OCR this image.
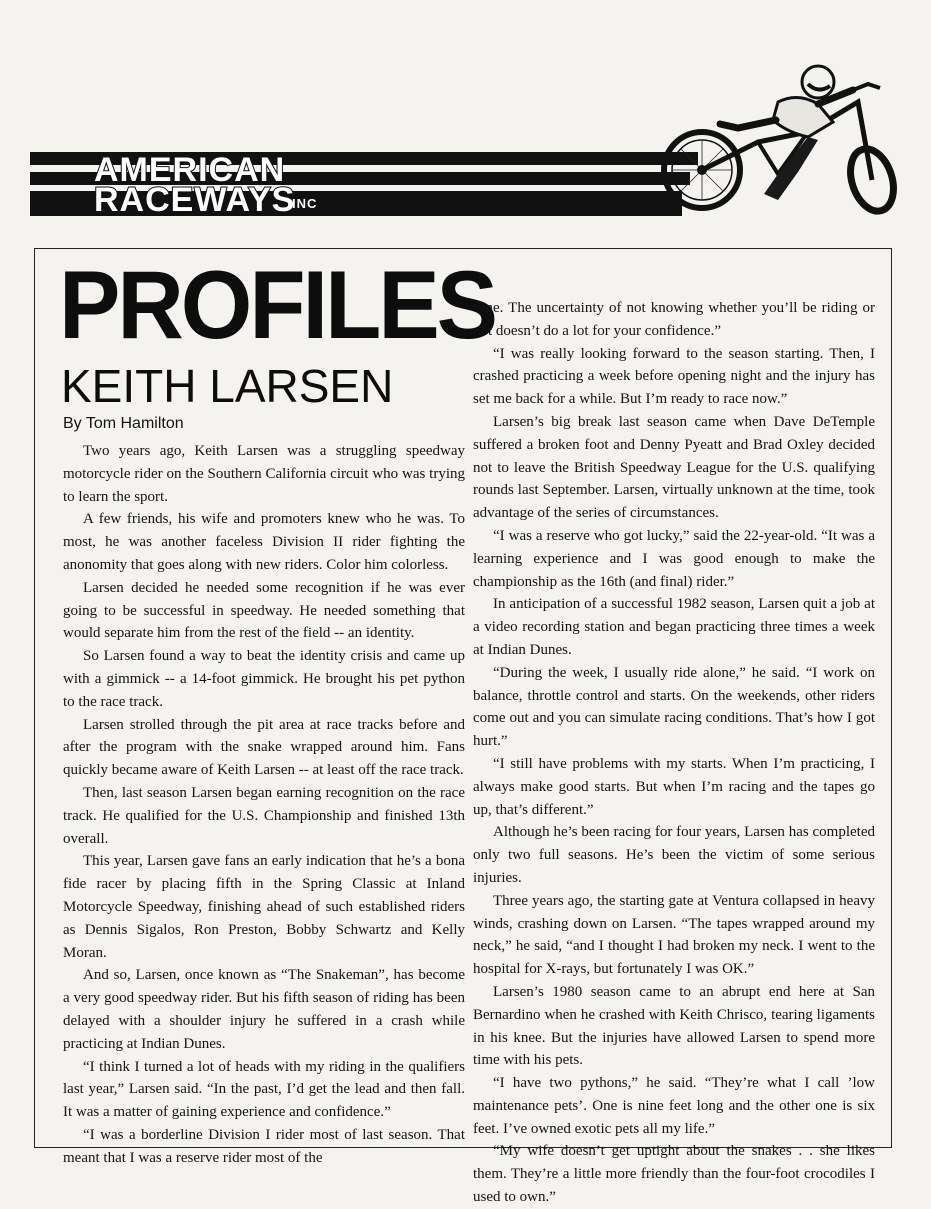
AMERICAN
RACEWAYS
INC
PROFILES
KEITH LARSEN

By Tom Hamilton

Two years ago, Keith Larsen was a struggling speedway motorcycle rider on the Southern California circuit who was trying to learn the sport.

A few friends, his wife and promoters knew who he was. To most, he was another faceless Division II rider fighting the anonomity that goes along with new riders. Color him colorless.

Larsen decided he needed some recognition if he was ever going to be successful in speedway. He needed something that would separate him from the rest of the field -- an identity.

So Larsen found a way to beat the identity crisis and came up with a gimmick -- a 14-foot gimmick. He brought his pet python to the race track.

Larsen strolled through the pit area at race tracks before and after the program with the snake wrapped around him. Fans quickly became aware of Keith Larsen -- at least off the race track.

Then, last season Larsen began earning recognition on the race track. He qualified for the U.S. Championship and finished 13th overall.

This year, Larsen gave fans an early indication that he’s a bona fide racer by placing fifth in the Spring Classic at Inland Motorcycle Speedway, finishing ahead of such established riders as Dennis Sigalos, Ron Preston, Bobby Schwartz and Kelly Moran.

And so, Larsen, once known as “The Snakeman”, has become a very good speedway rider. But his fifth season of riding has been delayed with a shoulder injury he suffered in a crash while practicing at Indian Dunes.

“I think I turned a lot of heads with my riding in the qualifiers last year,” Larsen said. “In the past, I’d get the lead and then fall. It was a matter of gaining experience and confidence.”

“I was a borderline Division I rider most of last season. That meant that I was a reserve rider most of the

time. The uncertainty of not knowing whether you’ll be riding or not doesn’t do a lot for your confidence.”

“I was really looking forward to the season starting. Then, I crashed practicing a week before opening night and the injury has set me back for a while. But I’m ready to race now.”

Larsen’s big break last season came when Dave DeTemple suffered a broken foot and Denny Pyeatt and Brad Oxley decided not to leave the British Speedway League for the U.S. qualifying rounds last September. Larsen, virtually unknown at the time, took advantage of the series of circumstances.

“I was a reserve who got lucky,” said the 22-year-old. “It was a learning experience and I was good enough to make the championship as the 16th (and final) rider.”

In anticipation of a successful 1982 season, Larsen quit a job at a video recording station and began practicing three times a week at Indian Dunes.

“During the week, I usually ride alone,” he said. “I work on balance, throttle control and starts. On the weekends, other riders come out and you can simulate racing conditions. That’s how I got hurt.”

“I still have problems with my starts. When I’m practicing, I always make good starts. But when I’m racing and the tapes go up, that’s different.”

Although he’s been racing for four years, Larsen has completed only two full seasons. He’s been the victim of some serious injuries.

Three years ago, the starting gate at Ventura collapsed in heavy winds, crashing down on Larsen. “The tapes wrapped around my neck,” he said, “and I thought I had broken my neck. I went to the hospital for X-rays, but fortunately I was OK.”

Larsen’s 1980 season came to an abrupt end here at San Bernardino when he crashed with Keith Chrisco, tearing ligaments in his knee. But the injuries have allowed Larsen to spend more time with his pets.

“I have two pythons,” he said. “They’re what I call ’low maintenance pets’. One is nine feet long and the other one is six feet. I’ve owned exotic pets all my life.”

“My wife doesn’t get uptight about the snakes . . she likes them. They’re a little more friendly than the four-foot crocodiles I used to own.”
